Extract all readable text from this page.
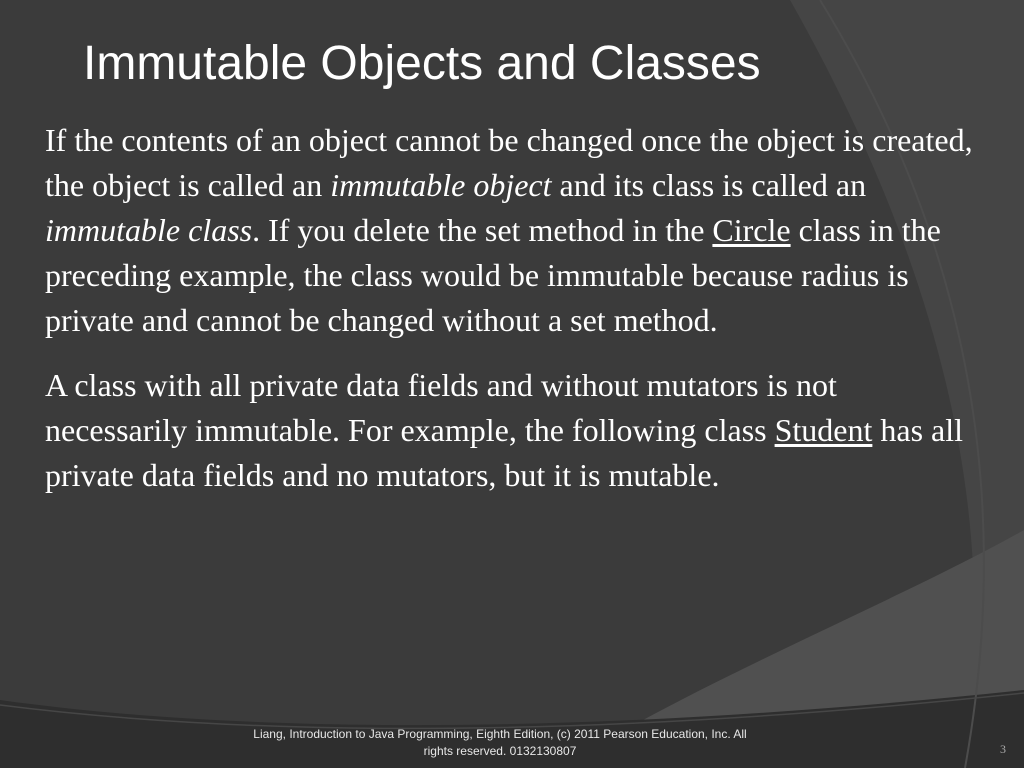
Immutable Objects and Classes

If the contents of an object cannot be changed once the object is created, the object is called an immutable object and its class is called an immutable class. If you delete the set method in the Circle class in the preceding example, the class would be immutable because radius is private and cannot be changed without a set method.

A class with all private data fields and without mutators is not necessarily immutable. For example, the following class Student has all private data fields and no mutators, but it is mutable.

Liang, Introduction to Java Programming, Eighth Edition, (c) 2011 Pearson Education, Inc. All
rights reserved. 0132130807	3
